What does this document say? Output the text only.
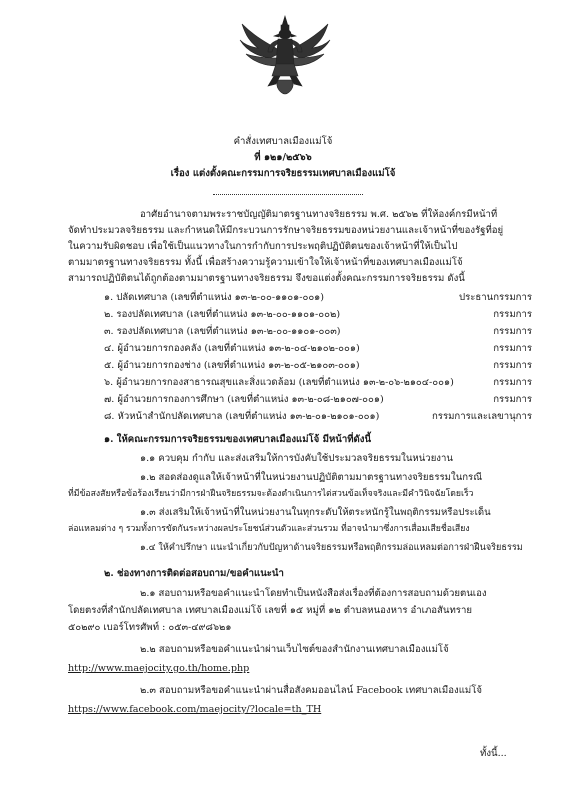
คำสั่งเทศบาลเมืองแม่โจ้
ที่ ๑๒๑/๒๕๖๖
เรื่อง แต่งตั้งคณะกรรมการจริยธรรมเทศบาลเมืองแม่โจ้
อาศัยอำนาจตามพระราชบัญญัติมาตรฐานทางจริยธรรม พ.ศ. ๒๕๖๒ ที่ให้องค์กรมีหน้าที่
จัดทำประมวลจริยธรรม และกำหนดให้มีกระบวนการรักษาจริยธรรมของหน่วยงานและเจ้าหน้าที่ของรัฐที่อยู่
ในความรับผิดชอบ เพื่อใช้เป็นแนวทางในการกำกับการประพฤติปฏิบัติตนของเจ้าหน้าที่ให้เป็นไป
ตามมาตรฐานทางจริยธรรม ทั้งนี้ เพื่อสร้างความรู้ความเข้าใจให้เจ้าหน้าที่ของเทศบาลเมืองแม่โจ้
สามารถปฏิบัติตนได้ถูกต้องตามมาตรฐานทางจริยธรรม จึงขอแต่งตั้งคณะกรรมการจริยธรรม ดังนี้
๑. ปลัดเทศบาล (เลขที่ตำแหน่ง ๑๓-๒-๐๐-๑๑๐๑-๐๐๑)	ประธานกรรมการ
๒. รองปลัดเทศบาล (เลขที่ตำแหน่ง ๑๓-๒-๐๐-๑๑๐๑-๐๐๒)	กรรมการ
๓. รองปลัดเทศบาล (เลขที่ตำแหน่ง ๑๓-๒-๐๐-๑๑๐๑-๐๐๓)	กรรมการ
๔. ผู้อำนวยการกองคลัง (เลขที่ตำแหน่ง ๑๓-๒-๐๔-๒๑๐๒-๐๐๑)	กรรมการ
๕. ผู้อำนวยการกองช่าง (เลขที่ตำแหน่ง ๑๓-๒-๐๕-๒๑๐๓-๐๐๑)	กรรมการ
๖. ผู้อำนวยการกองสาธารณสุขและสิ่งแวดล้อม (เลขที่ตำแหน่ง ๑๓-๒-๐๖-๒๑๐๔-๐๐๑)	กรรมการ
๗. ผู้อำนวยการกองการศึกษา (เลขที่ตำแหน่ง ๑๓-๒-๐๘-๒๑๐๗-๐๐๑)	กรรมการ
๘. หัวหน้าสำนักปลัดเทศบาล (เลขที่ตำแหน่ง ๑๓-๒-๐๑-๒๑๐๑-๐๐๑)	กรรมการและเลขานุการ
๑. ให้คณะกรรมการจริยธรรมของเทศบาลเมืองแม่โจ้ มีหน้าที่ดังนี้
๑.๑ ควบคุม กำกับ และส่งเสริมให้การบังคับใช้ประมวลจริยธรรมในหน่วยงาน
๑.๒ สอดส่องดูแลให้เจ้าหน้าที่ในหน่วยงานปฏิบัติตามมาตรฐานทางจริยธรรมในกรณี
ที่มีข้อสงสัยหรือข้อร้องเรียนว่ามีการฝ่าฝืนจริยธรรมจะต้องดำเนินการไต่สวนข้อเท็จจริงและมีคำวินิจฉัยโดยเร็ว
๑.๓ ส่งเสริมให้เจ้าหน้าที่ในหน่วยงานในทุกระดับให้ตระหนักรู้ในพฤติกรรมหรือประเด็น
ล่อแหลมต่าง ๆ รวมทั้งการขัดกันระหว่างผลประโยชน์ส่วนตัวและส่วนรวม ที่อาจนำมาซึ่งการเสื่อมเสียชื่อเสียง
๑.๔ ให้คำปรึกษา แนะนำเกี่ยวกับปัญหาด้านจริยธรรมหรือพฤติกรรมล่อแหลมต่อการฝ่าฝืนจริยธรรม
๒. ช่องทางการติดต่อสอบถาม/ขอคำแนะนำ
๒.๑ สอบถามหรือขอคำแนะนำโดยทำเป็นหนังสือส่งเรื่องที่ต้องการสอบถามด้วยตนเอง
โดยตรงที่สำนักปลัดเทศบาล เทศบาลเมืองแม่โจ้ เลขที่ ๑๕ หมู่ที่ ๑๒ ตำบลหนองหาร อำเภอสันทราย
๕๐๒๙๐ เบอร์โทรศัพท์ : ๐๕๓-๔๙๘๖๒๑
๒.๒ สอบถามหรือขอคำแนะนำผ่านเว็บไซต์ของสำนักงานเทศบาลเมืองแม่โจ้
http://www.maejocity.go.th/home.php
๒.๓ สอบถามหรือขอคำแนะนำผ่านสื่อสังคมออนไลน์ Facebook เทศบาลเมืองแม่โจ้
https://www.facebook.com/maejocity/?locale=th_TH
ทั้งนี้...
